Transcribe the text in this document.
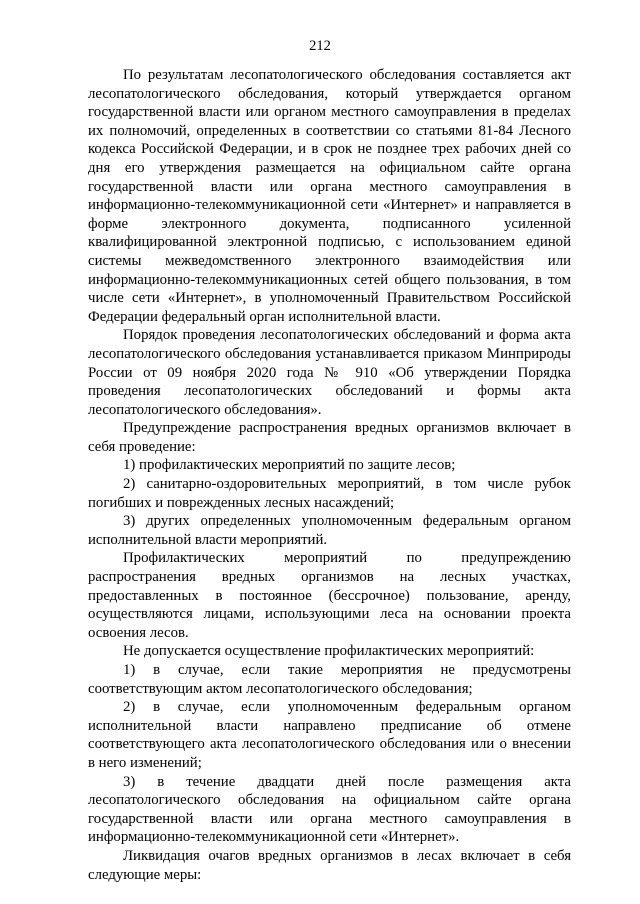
212

По результатам лесопатологического обследования составляется акт лесопатологического обследования, который утверждается органом государственной власти или органом местного самоуправления в пределах их полномочий, определенных в соответствии со статьями 81-84 Лесного кодекса Российской Федерации, и в срок не позднее трех рабочих дней со дня его утверждения размещается на официальном сайте органа государственной власти или органа местного самоуправления в информационно-телекоммуникационной сети «Интернет» и направляется в форме электронного документа, подписанного усиленной квалифицированной электронной подписью, с использованием единой системы межведомственного электронного взаимодействия или информационно-телекоммуникационных сетей общего пользования, в том числе сети «Интернет», в уполномоченный Правительством Российской Федерации федеральный орган исполнительной власти.

Порядок проведения лесопатологических обследований и форма акта лесопатологического обследования устанавливается приказом Минприроды России от 09 ноября 2020 года № 910 «Об утверждении Порядка проведения лесопатологических обследований и формы акта лесопатологического обследования».

Предупреждение распространения вредных организмов включает в себя проведение:

1) профилактических мероприятий по защите лесов;

2) санитарно-оздоровительных мероприятий, в том числе рубок погибших и поврежденных лесных насаждений;

3) других определенных уполномоченным федеральным органом исполнительной власти мероприятий.

Профилактических мероприятий по предупреждению распространения вредных организмов на лесных участках, предоставленных в постоянное (бессрочное) пользование, аренду, осуществляются лицами, использующими леса на основании проекта освоения лесов.

Не допускается осуществление профилактических мероприятий:

1) в случае, если такие мероприятия не предусмотрены соответствующим актом лесопатологического обследования;

2) в случае, если уполномоченным федеральным органом исполнительной власти направлено предписание об отмене соответствующего акта лесопатологического обследования или о внесении в него изменений;

3) в течение двадцати дней после размещения акта лесопатологического обследования на официальном сайте органа государственной власти или органа местного самоуправления в информационно-телекоммуникационной сети «Интернет».

Ликвидация очагов вредных организмов в лесах включает в себя следующие меры:
